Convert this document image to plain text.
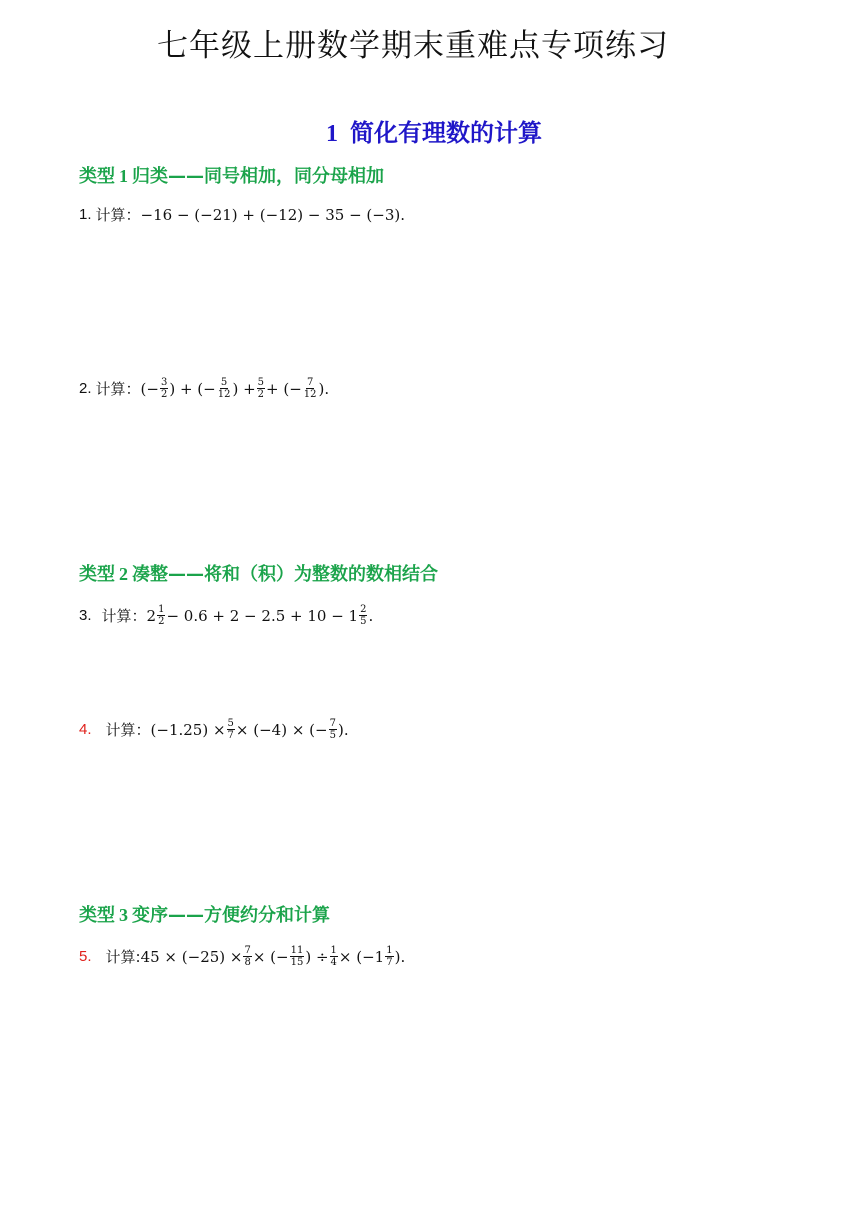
七年级上册数学期末重难点专项练习
1 简化有理数的计算
类型 1 归类——同号相加，同分母相加
1. 计算： −16 − (−21) + (−12) − 35 − (−3).
2. 计算： (− $\frac{3}{2}$ ) + (− $\frac{5}{12}$ ) + $\frac{5}{2}$ + (− $\frac{7}{12}$ ).
类型 2 凑整——将和（积）为整数的数相结合
3. 计算： $2 \frac{1}{2} - 0.6 + 2 - 2.5 + 10 - 1 \frac{2}{5}$ .
4. 计算： $(-1.25) \times \frac{5}{7} \times (-4)$ × (− $\frac{7}{5}$ ).
类型 3 变序——方便约分和计算
5. 计算: $45 \times (-25) \times \frac{7}{8}$ × (− $\frac{11}{15}$ ) ÷ $\frac{1}{4} \times (-1 \frac{1}{7}$ ).
